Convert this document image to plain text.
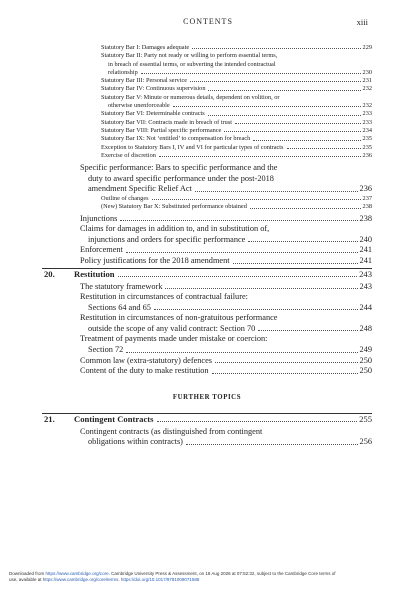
CONTENTS	xiii
Statutory Bar I: Damages adequate	229
Statutory Bar II: Party not ready or willing to perform essential terms,
in breach of essential terms, or subverting the intended contractual
relationship	230
Statutory Bar III: Personal service	231
Statutory Bar IV: Continuous supervision	232
Statutory Bar V: Minute or numerous details, dependent on volition, or
otherwise unenforceable	232
Statutory Bar VI: Determinable contracts	233
Statutory Bar VII: Contracts made in breach of trust	233
Statutory Bar VIII: Partial specific performance	234
Statutory Bar IX: Not ‘entitled’ to compensation for breach	235
Exception to Statutory Bars I, IV and VI for particular types of contracts	235
Exercise of discretion	236
Specific performance: Bars to specific performance and the
duty to award specific performance under the post-2018
amendment Specific Relief Act	236
Outline of changes	237
(New) Statutory Bar X: Substituted performance obtained	238
Injunctions	238
Claims for damages in addition to, and in substitution of,
injunctions and orders for specific performance	240
Enforcement	241
Policy justifications for the 2018 amendment	241
20. Restitution	243
The statutory framework	243
Restitution in circumstances of contractual failure:
Sections 64 and 65	244
Restitution in circumstances of non-gratuitous performance
outside the scope of any valid contract: Section 70	248
Treatment of payments made under mistake or coercion:
Section 72	249
Common law (extra-statutory) defences	250
Content of the duty to make restitution	250
FURTHER TOPICS
21. Contingent Contracts	255
Contingent contracts (as distinguished from contingent
obligations within contracts)	256
Downloaded from https://www.cambridge.org/core. Cambridge University Press & Assessment, on 18 Aug 2026 at 07:52:32, subject to the Cambridge Core terms of
use, available at https://www.cambridge.org/core/terms. https://doi.org/10.1017/9781009071588
